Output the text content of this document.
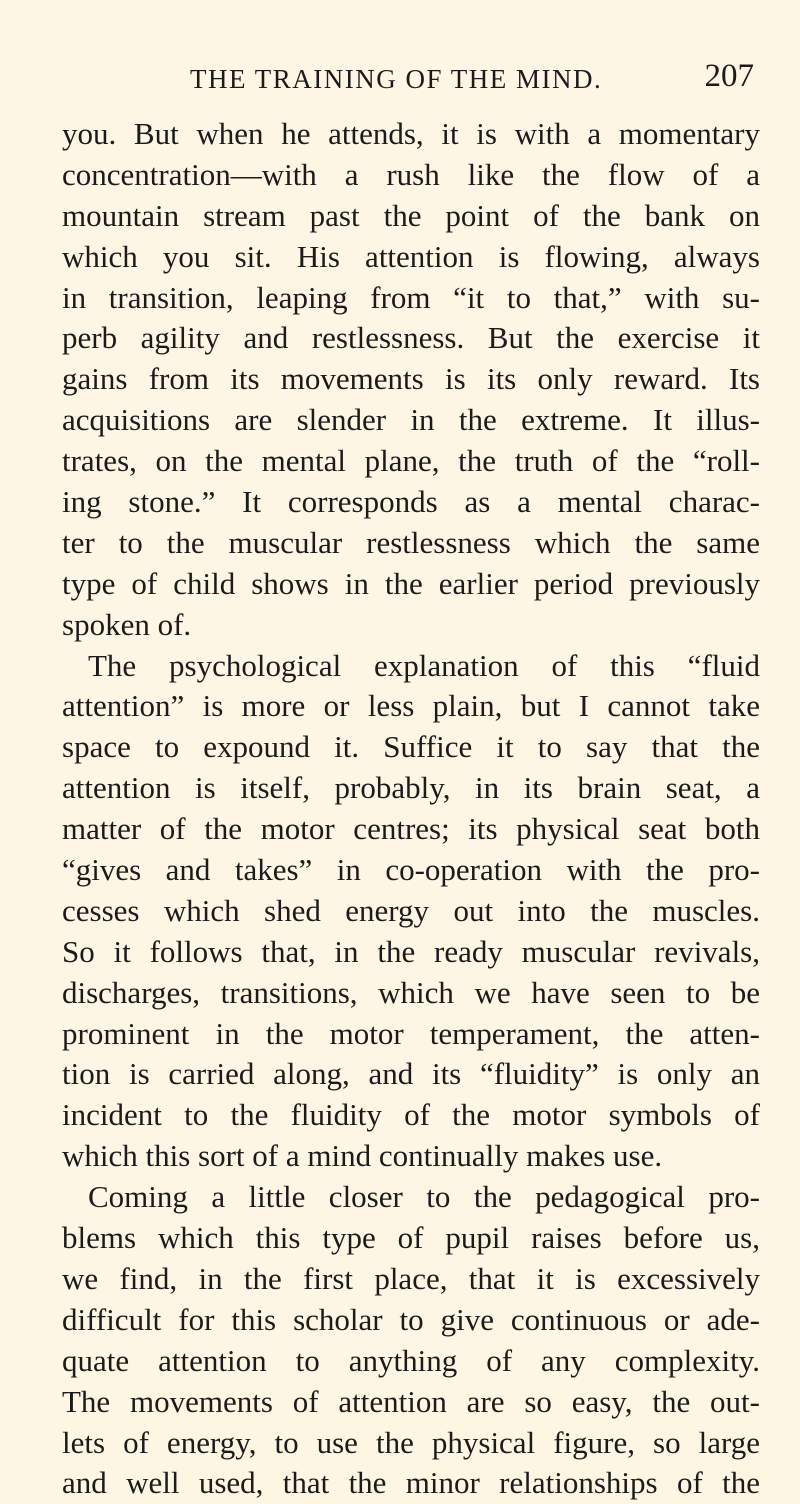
THE TRAINING OF THE MIND.	207
you. But when he attends, it is with a momentary
concentration—with a rush like the flow of a
mountain stream past the point of the bank on
which you sit. His attention is flowing, always
in transition, leaping from “it to that,” with su-
perb agility and restlessness. But the exercise it
gains from its movements is its only reward. Its
acquisitions are slender in the extreme. It illus-
trates, on the mental plane, the truth of the “roll-
ing stone.” It corresponds as a mental charac-
ter to the muscular restlessness which the same
type of child shows in the earlier period previously
spoken of.
The psychological explanation of this “fluid
attention” is more or less plain, but I cannot take
space to expound it. Suffice it to say that the
attention is itself, probably, in its brain seat, a
matter of the motor centres; its physical seat both
“gives and takes” in co-operation with the pro-
cesses which shed energy out into the muscles.
So it follows that, in the ready muscular revivals,
discharges, transitions, which we have seen to be
prominent in the motor temperament, the atten-
tion is carried along, and its “fluidity” is only an
incident to the fluidity of the motor symbols of
which this sort of a mind continually makes use.
Coming a little closer to the pedagogical pro-
blems which this type of pupil raises before us,
we find, in the first place, that it is excessively
difficult for this scholar to give continuous or ade-
quate attention to anything of any complexity.
The movements of attention are so easy, the out-
lets of energy, to use the physical figure, so large
and well used, that the minor relationships of the
